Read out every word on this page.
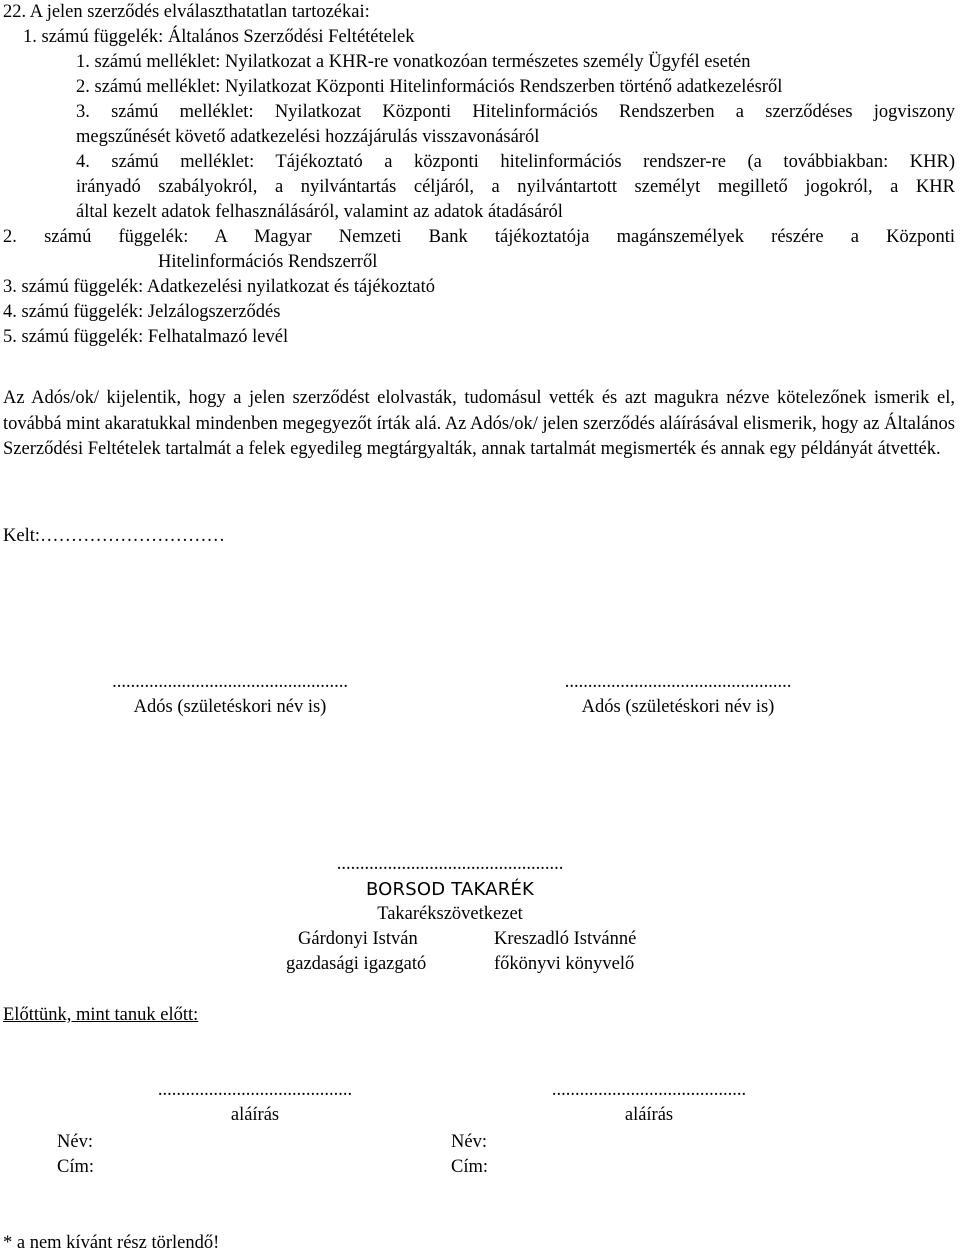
22. A jelen szerződés elválaszthatatlan tartozékai:
1. számú függelék: Általános Szerződési Feltétételek
1. számú melléklet: Nyilatkozat a KHR-re vonatkozóan természetes személy Ügyfél esetén
2. számú melléklet: Nyilatkozat Központi Hitelinformációs Rendszerben történő adatkezelésről
3. számú melléklet: Nyilatkozat Központi Hitelinformációs Rendszerben a szerződéses jogviszony
megszűnését követő adatkezelési hozzájárulás visszavonásáról
4. számú melléklet: Tájékoztató a központi hitelinformációs rendszer-re (a továbbiakban: KHR)
irányadó szabályokról, a nyilvántartás céljáról, a nyilvántartott személyt megillető jogokról, a KHR
által kezelt adatok felhasználásáról, valamint az adatok átadásáról
2. számú függelék: A Magyar Nemzeti Bank tájékoztatója magánszemélyek részére a Központi
Hitelinformációs Rendszerről
3. számú függelék: Adatkezelési nyilatkozat és tájékoztató
4. számú függelék: Jelzálogszerződés
5. számú függelék: Felhatalmazó levél
Az Adós/ok/ kijelentik, hogy a jelen szerződést elolvasták, tudomásul vették és azt magukra nézve kötelezőnek ismerik el, továbbá mint akaratukkal mindenben megegyezőt írták alá. Az Adós/ok/ jelen szerződés aláírásával elismerik, hogy az Általános Szerződési Feltételek tartalmát a felek egyedileg megtárgyalták, annak tartalmát megismerték és annak egy példányát átvették.
Kelt:…………………………
...................................................
Adós (születéskori név is)
.................................................
Adós (születéskori név is)
.................................................
BORSOD TAKARÉK
Takarékszövetkezet
Gárdonyi István	Kreszadló Istvánné
gazdasági igazgató	főkönyvi könyvelő
Előttünk, mint tanuk előtt:
..........................................
aláírás
..........................................
aláírás
Név:	Név:
Cím:	Cím:
* a nem kívánt rész törlendő!
